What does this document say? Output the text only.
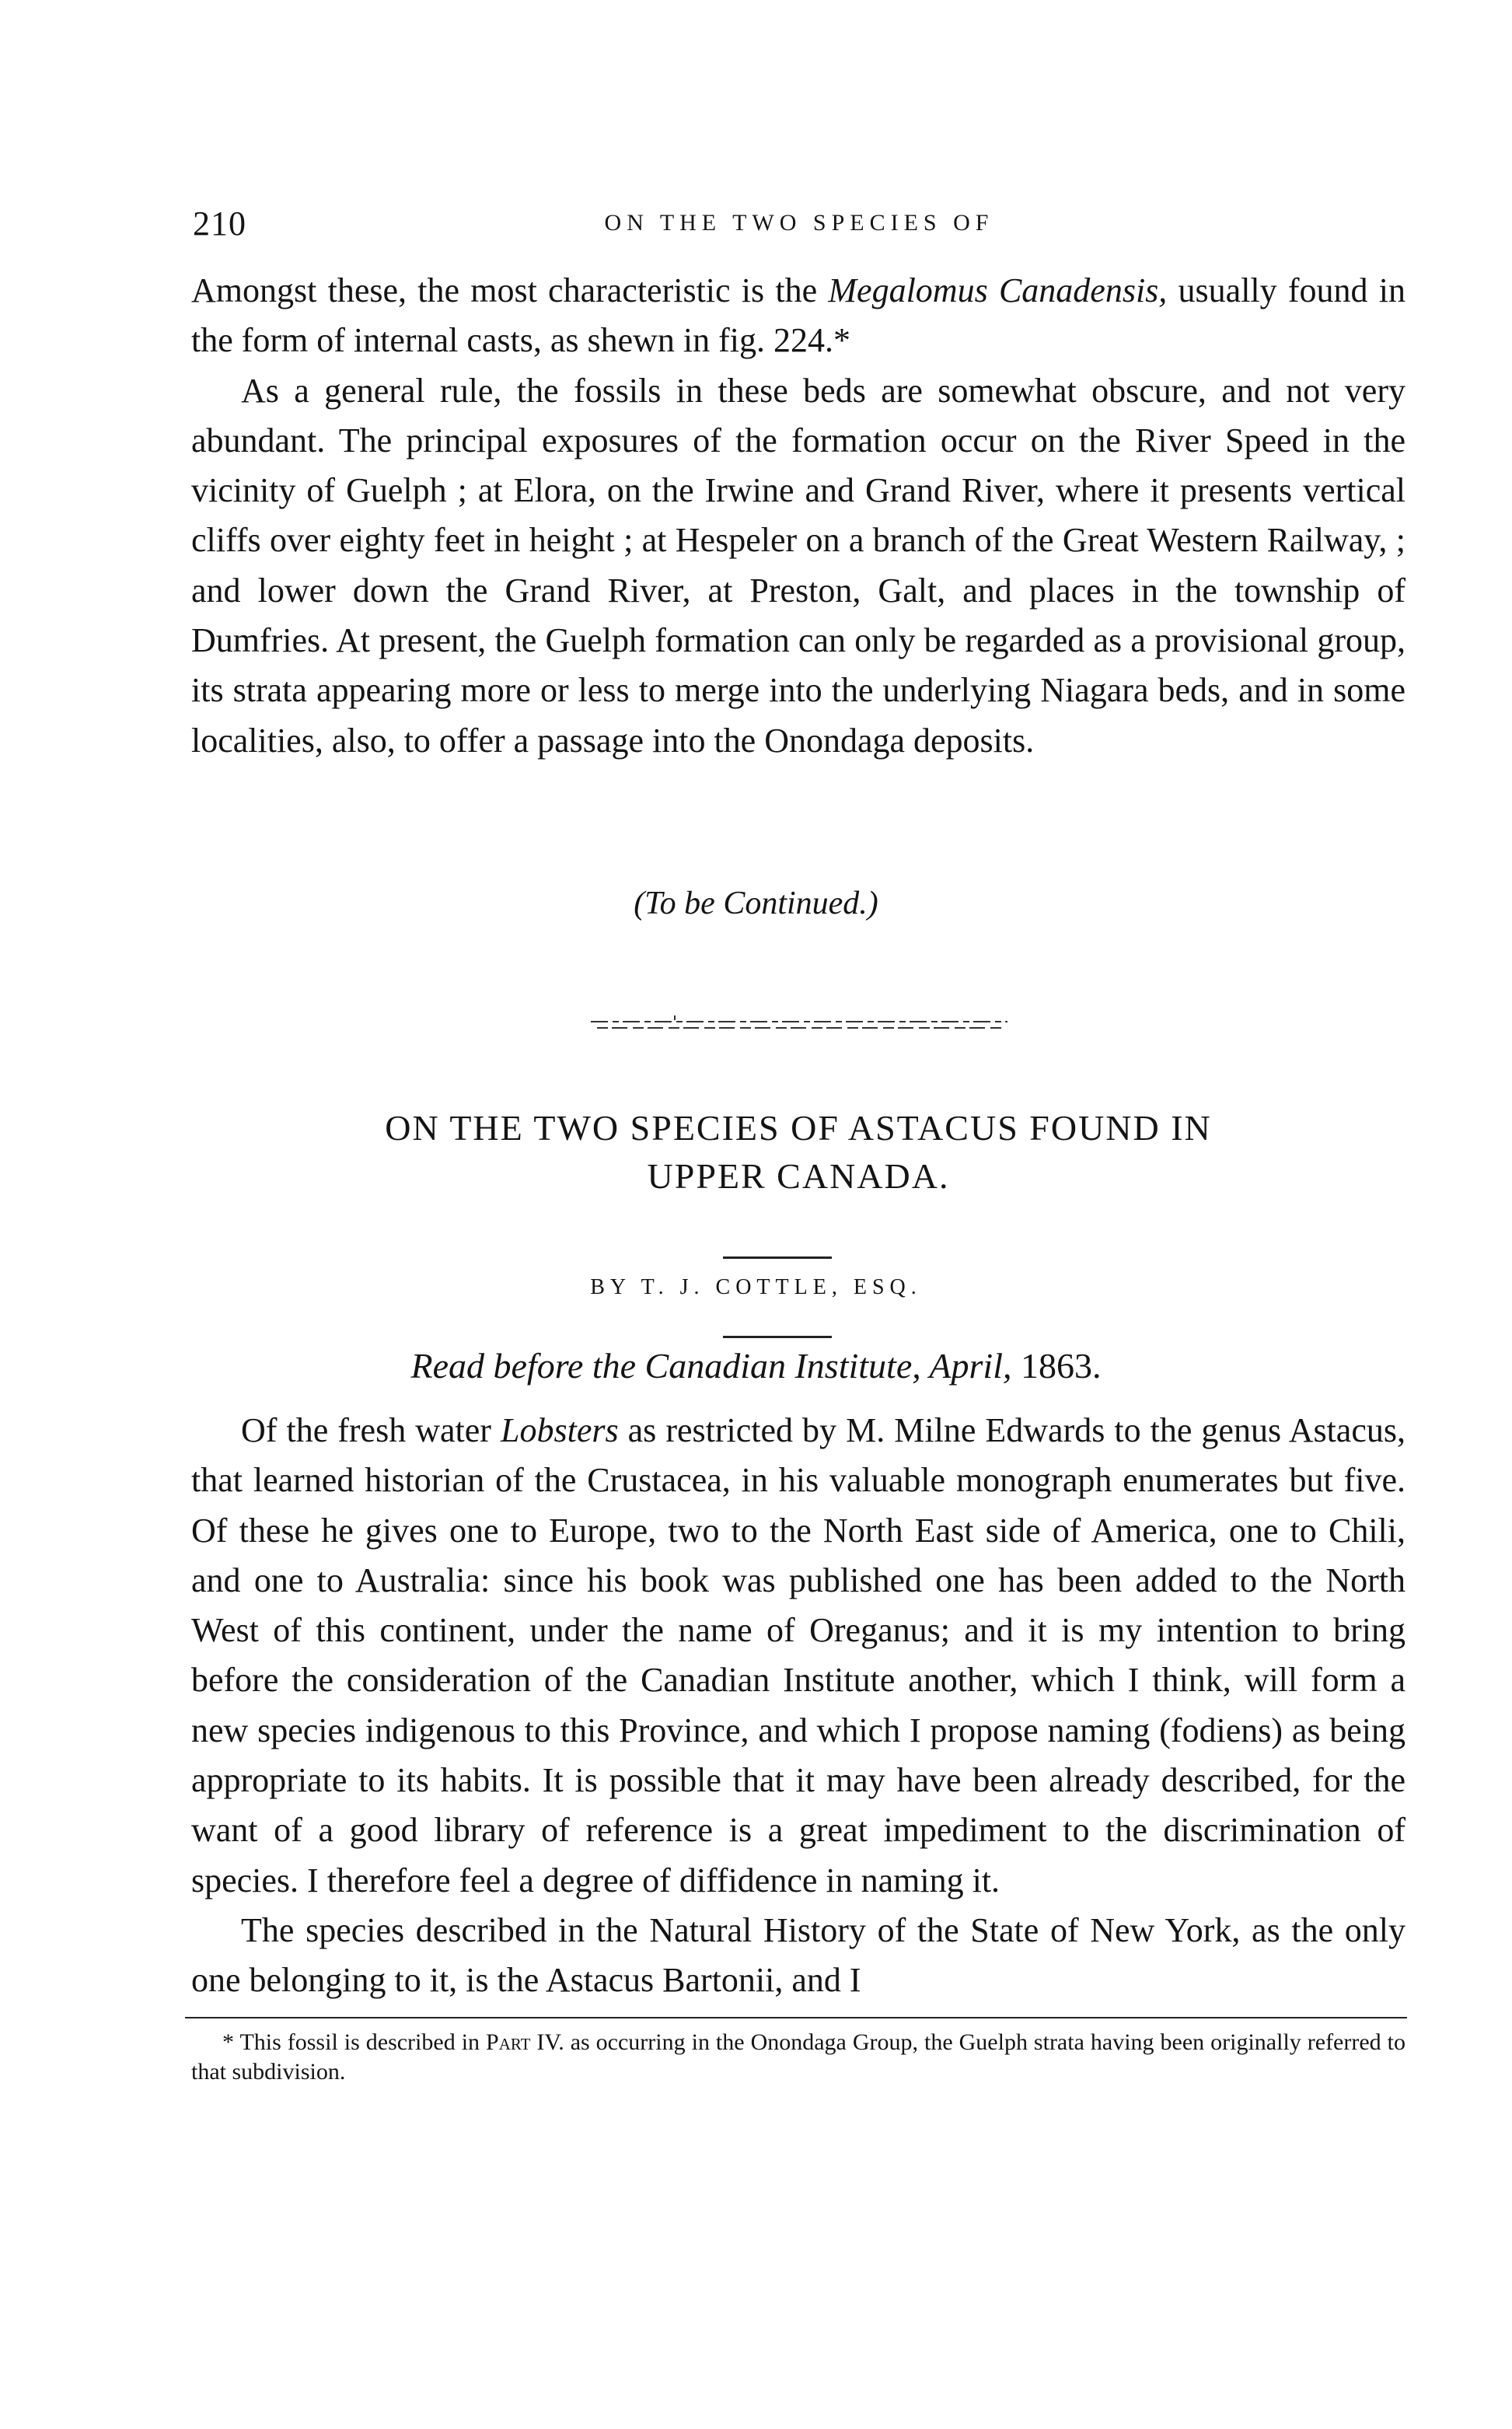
210	ON THE TWO SPECIES OF

Amongst these, the most characteristic is the Megalomus Canadensis, usually found in the form of internal casts, as shewn in fig. 224.*
As a general rule, the fossils in these beds are somewhat obscure, and not very abundant. The principal exposures of the formation occur on the River Speed in the vicinity of Guelph ; at Elora, on the Irwine and Grand River, where it presents vertical cliffs over eighty feet in height ; at Hespeler on a branch of the Great Western Railway, ; and lower down the Grand River, at Preston, Galt, and places in the township of Dumfries. At present, the Guelph formation can only be regarded as a provisional group, its strata appearing more or less to merge into the underlying Niagara beds, and in some localities, also, to offer a passage into the Onondaga deposits.

(To be Continued.)

ON THE TWO SPECIES OF ASTACUS FOUND IN
UPPER CANADA.

BY T. J. COTTLE, ESQ.

Read before the Canadian Institute, April, 1863.

Of the fresh water Lobsters as restricted by M. Milne Edwards to the genus Astacus, that learned historian of the Crustacea, in his valuable monograph enumerates but five. Of these he gives one to Europe, two to the North East side of America, one to Chili, and one to Australia: since his book was published one has been added to the North West of this continent, under the name of Oreganus; and it is my intention to bring before the consideration of the Canadian Institute another, which I think, will form a new species indigenous to this Province, and which I propose naming (fodiens) as being appropriate to its habits. It is possible that it may have been already described, for the want of a good library of reference is a great impediment to the discrimination of species. I therefore feel a degree of diffidence in naming it.
The species described in the Natural History of the State of New York, as the only one belonging to it, is the Astacus Bartonii, and I

* This fossil is described in Part IV. as occurring in the Onondaga Group, the Guelph strata having been originally referred to that subdivision.
